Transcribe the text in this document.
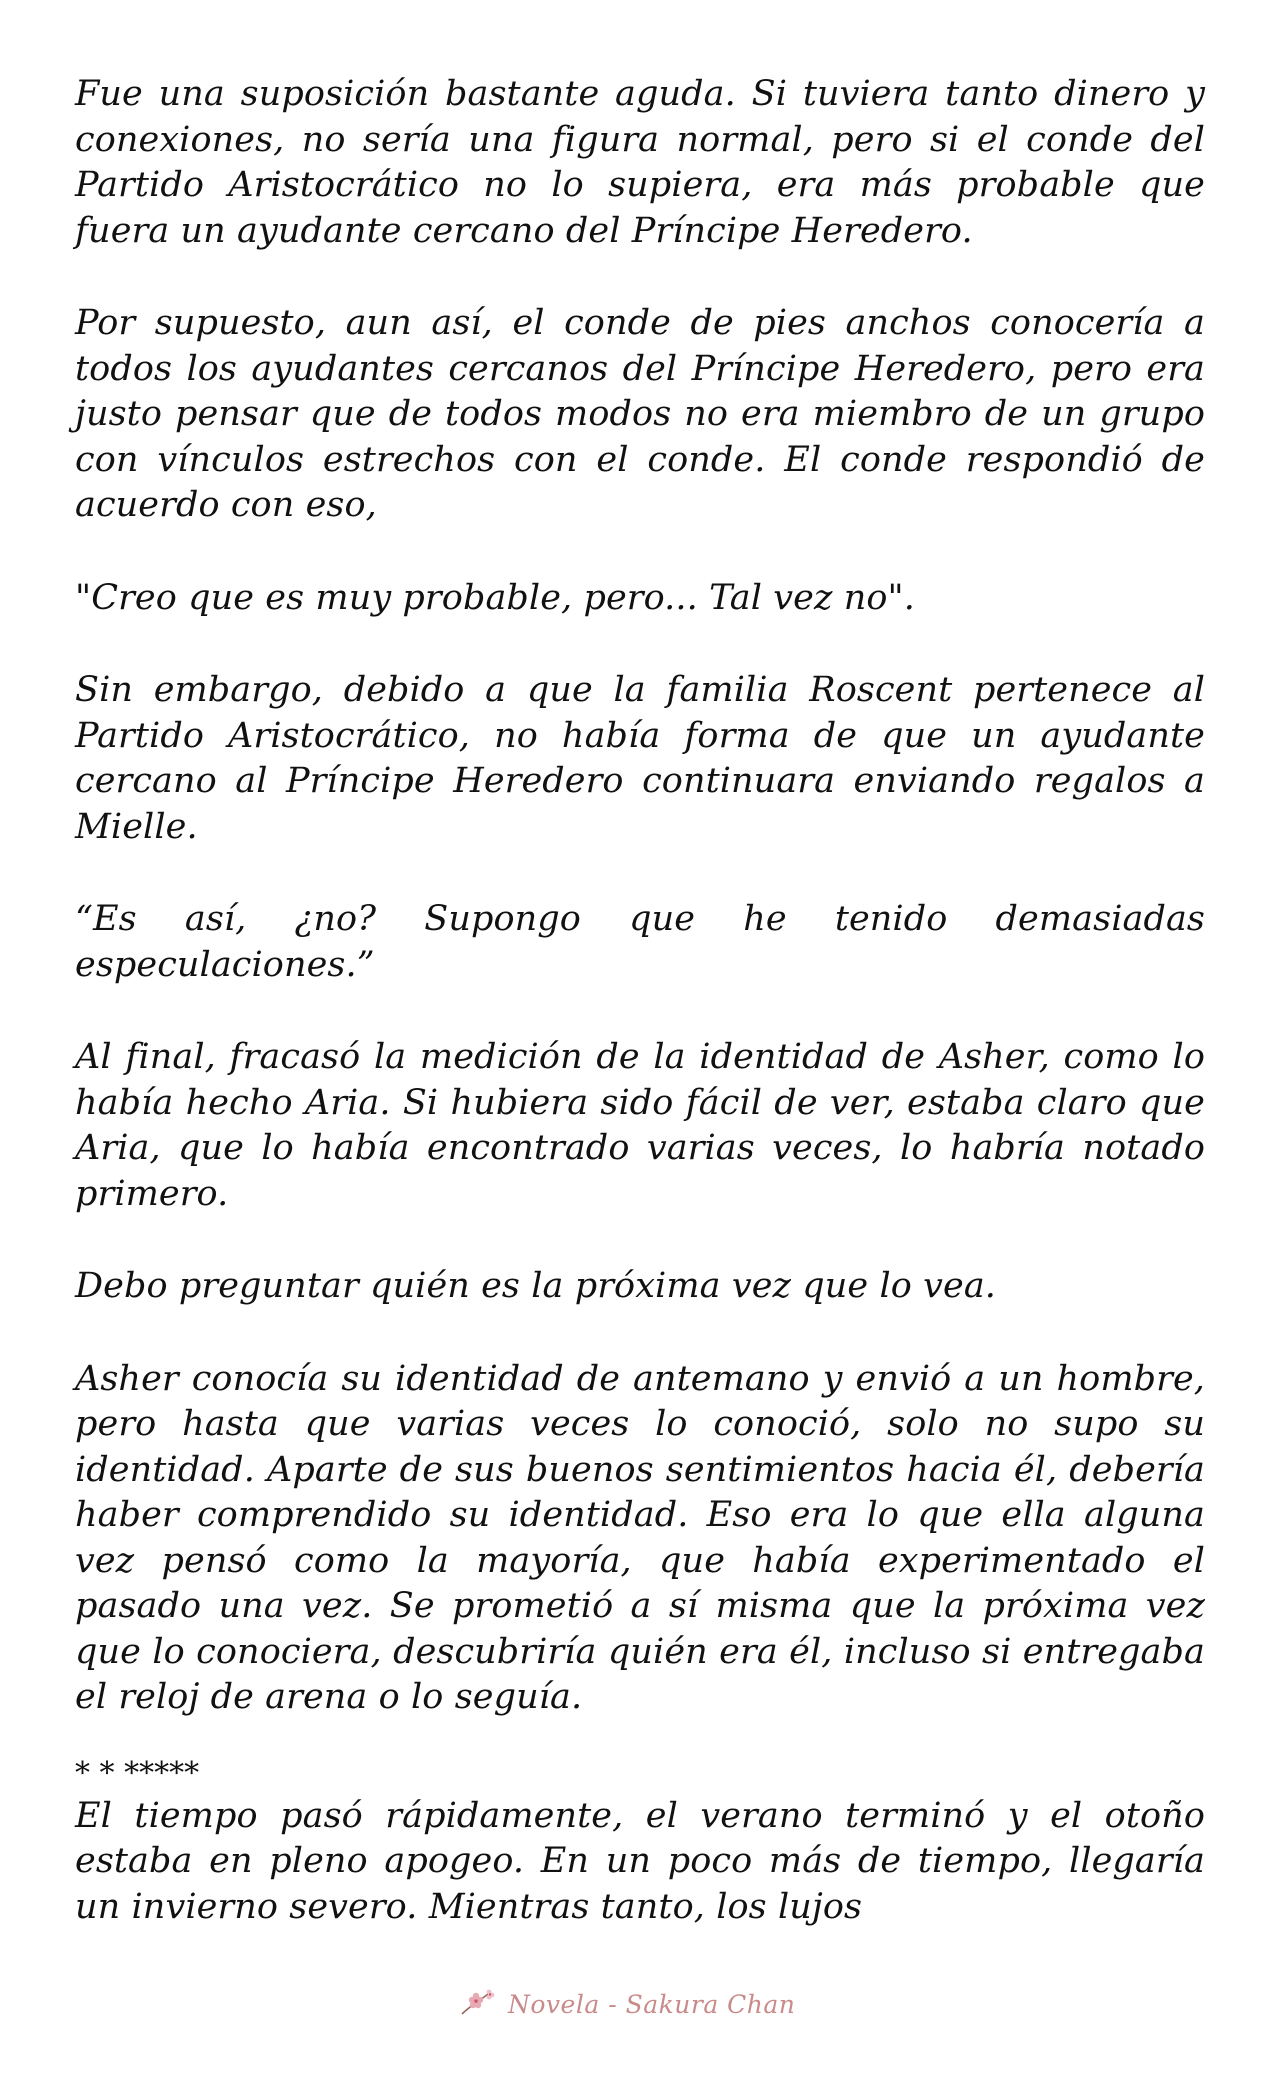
Fue una suposición bastante aguda. Si tuviera tanto dinero y conexiones, no sería una figura normal, pero si el conde del Partido Aristocrático no lo supiera, era más probable que fuera un ayudante cercano del Príncipe Heredero.

Por supuesto, aun así, el conde de pies anchos conocería a todos los ayudantes cercanos del Príncipe Heredero, pero era justo pensar que de todos modos no era miembro de un grupo con vínculos estrechos con el conde. El conde respondió de acuerdo con eso,

"Creo que es muy probable, pero... Tal vez no".

Sin embargo, debido a que la familia Roscent pertenece al Partido Aristocrático, no había forma de que un ayudante cercano al Príncipe Heredero continuara enviando regalos a Mielle.

“Es así, ¿no? Supongo que he tenido demasiadas especulaciones.”

Al final, fracasó la medición de la identidad de Asher, como lo había hecho Aria. Si hubiera sido fácil de ver, estaba claro que Aria, que lo había encontrado varias veces, lo habría notado primero.

Debo preguntar quién es la próxima vez que lo vea.

Asher conocía su identidad de antemano y envió a un hombre, pero hasta que varias veces lo conoció, solo no supo su identidad. Aparte de sus buenos sentimientos hacia él, debería haber comprendido su identidad. Eso era lo que ella alguna vez pensó como la mayoría, que había experimentado el pasado una vez. Se prometió a sí misma que la próxima vez que lo conociera, descubriría quién era él, incluso si entregaba el reloj de arena o lo seguía.

* * *****

El tiempo pasó rápidamente, el verano terminó y el otoño estaba en pleno apogeo. En un poco más de tiempo, llegaría un invierno severo. Mientras tanto, los lujos

Novela - Sakura Chan
